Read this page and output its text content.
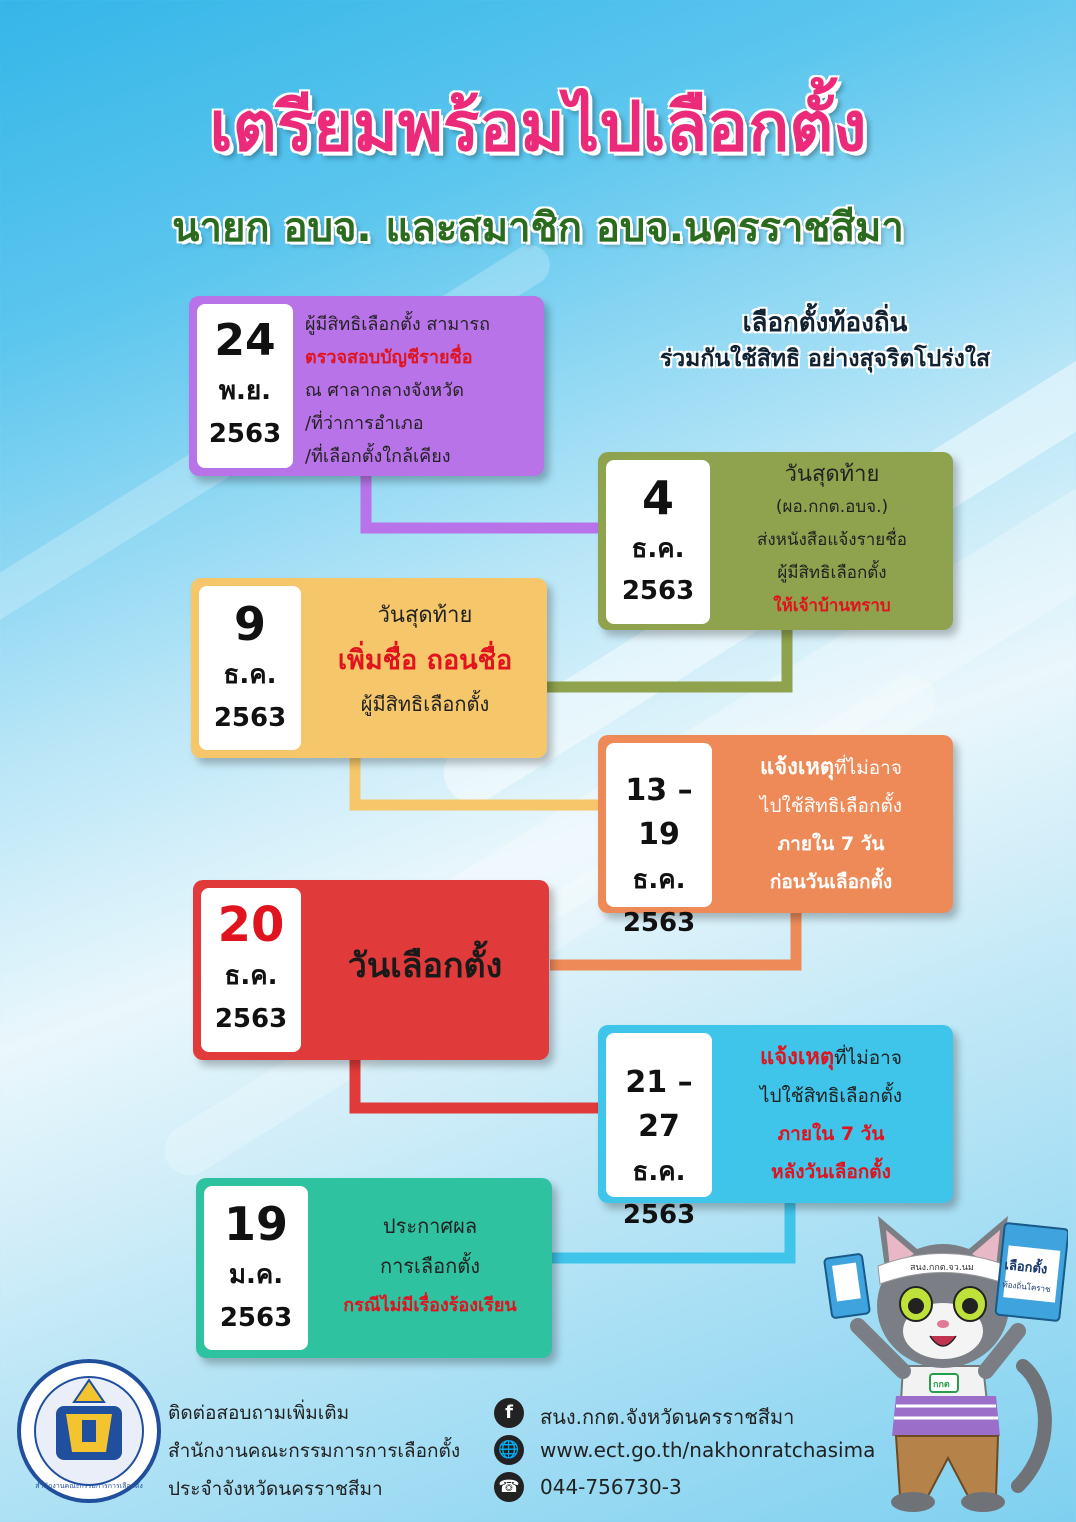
เตรียมพร้อมไปเลือกตั้ง
นายก อบจ. และสมาชิก อบจ.นครราชสีมา
เลือกตั้งท้องถิ่น
ร่วมกันใช้สิทธิ อย่างสุจริตโปร่งใส
24
พ.ย.
2563
ผู้มีสิทธิเลือกตั้ง สามารถ
ตรวจสอบบัญชีรายชื่อ
ณ ศาลากลางจังหวัด
/ที่ว่าการอำเภอ
/ที่เลือกตั้งใกล้เคียง
4
ธ.ค.
2563
วันสุดท้าย
(ผอ.กกต.อบจ.)
ส่งหนังสือแจ้งรายชื่อ
ผู้มีสิทธิเลือกตั้ง
ให้เจ้าบ้านทราบ
9
ธ.ค.
2563
วันสุดท้าย
เพิ่มชื่อ ถอนชื่อ
ผู้มีสิทธิเลือกตั้ง
13 –19
ธ.ค.
2563
แจ้งเหตุที่ไม่อาจ
ไปใช้สิทธิเลือกตั้ง
ภายใน 7 วัน
ก่อนวันเลือกตั้ง
20
ธ.ค.
2563
วันเลือกตั้ง
21 –27
ธ.ค.
2563
แจ้งเหตุที่ไม่อาจ
ไปใช้สิทธิเลือกตั้ง
ภายใน 7 วัน
หลังวันเลือกตั้ง
19
ม.ค.
2563
ประกาศผล
การเลือกตั้ง
กรณีไม่มีเรื่องร้องเรียน
เลือกตั้ง
ท้องถิ่นโคราช
สนง.กกต.จว.นม
กกต
สำนักงานคณะกรรมการการเลือกตั้ง
ติดต่อสอบถามเพิ่มเติม
สำนักงานคณะกรรมการการเลือกตั้ง
ประจำจังหวัดนครราชสีมา
f	สนง.กกต.จังหวัดนครราชสีมา
🌐 www.ect.go.th/nakhonratchasima
☎ 044-756730-3
